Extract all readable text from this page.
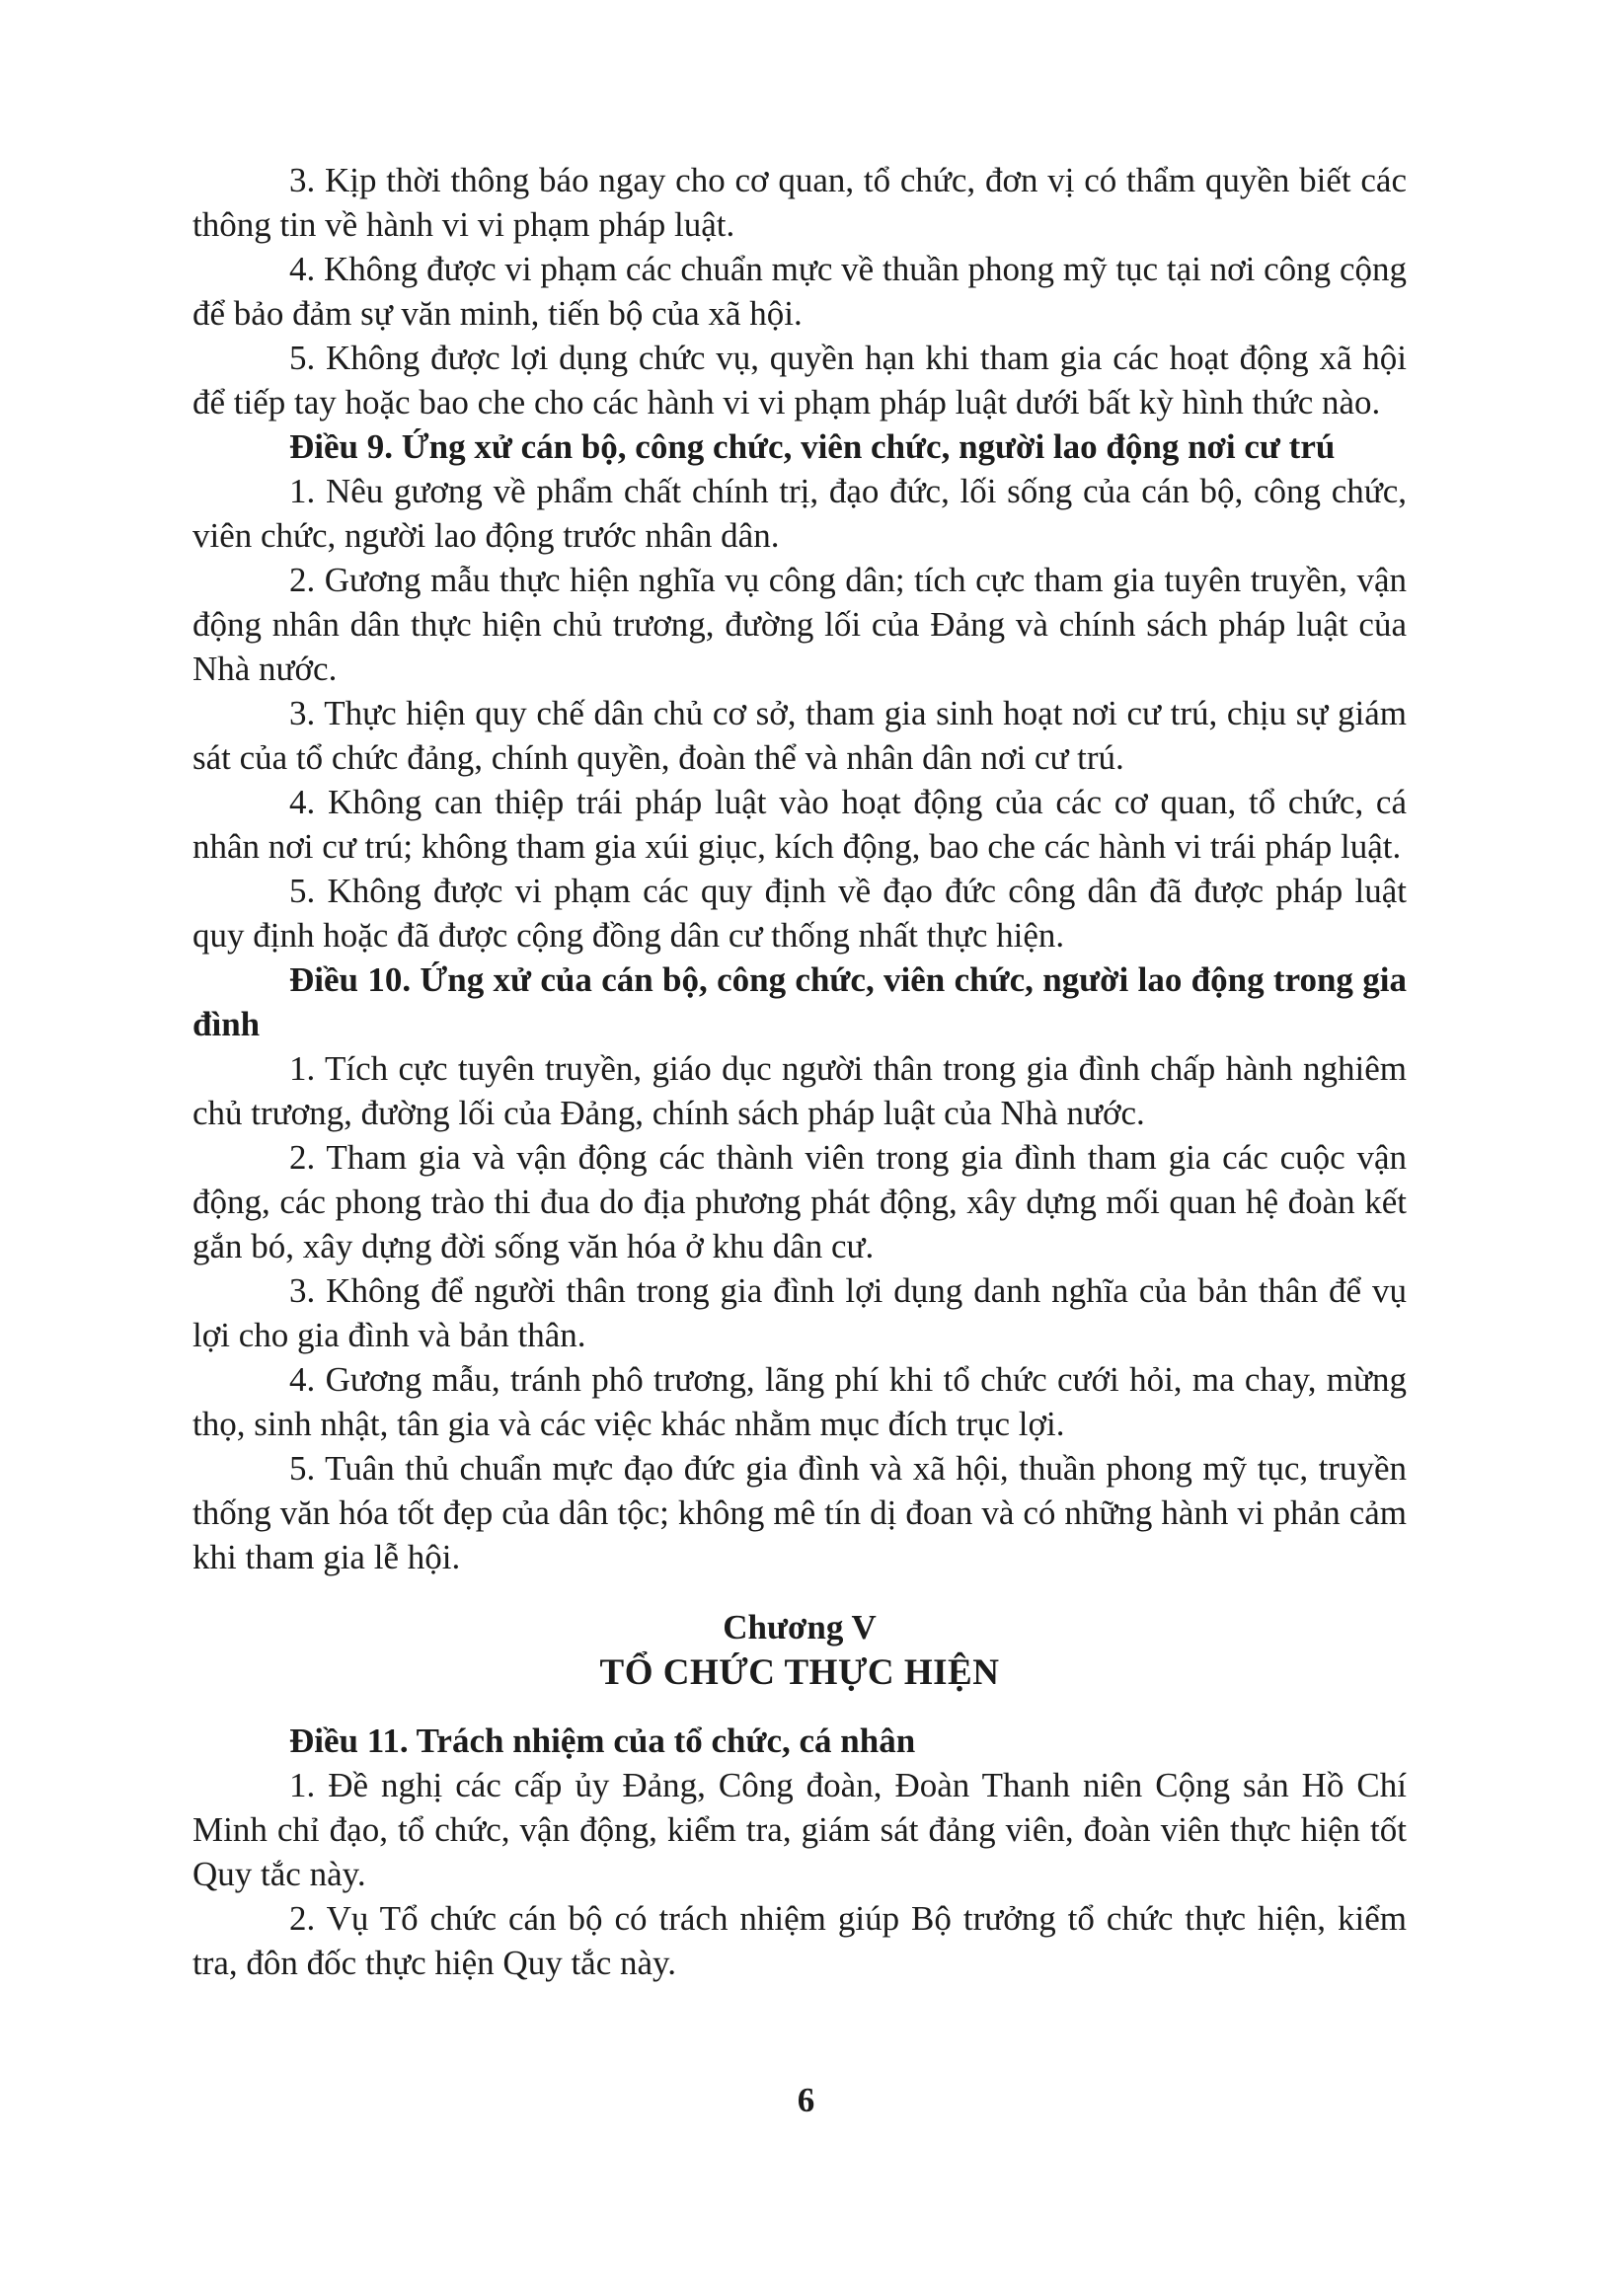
3. Kịp thời thông báo ngay cho cơ quan, tổ chức, đơn vị có thẩm quyền biết các thông tin về hành vi vi phạm pháp luật.

4. Không được vi phạm các chuẩn mực về thuần phong mỹ tục tại nơi công cộng để bảo đảm sự văn minh, tiến bộ của xã hội.

5. Không được lợi dụng chức vụ, quyền hạn khi tham gia các hoạt động xã hội để tiếp tay hoặc bao che cho các hành vi vi phạm pháp luật dưới bất kỳ hình thức nào.

Điều 9. Ứng xử cán bộ, công chức, viên chức, người lao động nơi cư trú

1. Nêu gương về phẩm chất chính trị, đạo đức, lối sống của cán bộ, công chức, viên chức, người lao động trước nhân dân.

2. Gương mẫu thực hiện nghĩa vụ công dân; tích cực tham gia tuyên truyền, vận động nhân dân thực hiện chủ trương, đường lối của Đảng và chính sách pháp luật của Nhà nước.

3. Thực hiện quy chế dân chủ cơ sở, tham gia sinh hoạt nơi cư trú, chịu sự giám sát của tổ chức đảng, chính quyền, đoàn thể và nhân dân nơi cư trú.

4. Không can thiệp trái pháp luật vào hoạt động của các cơ quan, tổ chức, cá nhân nơi cư trú; không tham gia xúi giục, kích động, bao che các hành vi trái pháp luật.

5. Không được vi phạm các quy định về đạo đức công dân đã được pháp luật quy định hoặc đã được cộng đồng dân cư thống nhất thực hiện.

Điều 10. Ứng xử của cán bộ, công chức, viên chức, người lao động trong gia đình

1. Tích cực tuyên truyền, giáo dục người thân trong gia đình chấp hành nghiêm chủ trương, đường lối của Đảng, chính sách pháp luật của Nhà nước.

2. Tham gia và vận động các thành viên trong gia đình tham gia các cuộc vận động, các phong trào thi đua do địa phương phát động, xây dựng mối quan hệ đoàn kết gắn bó, xây dựng đời sống văn hóa ở khu dân cư.

3. Không để người thân trong gia đình lợi dụng danh nghĩa của bản thân để vụ lợi cho gia đình và bản thân.

4. Gương mẫu, tránh phô trương, lãng phí khi tổ chức cưới hỏi, ma chay, mừng thọ, sinh nhật, tân gia và các việc khác nhằm mục đích trục lợi.

5. Tuân thủ chuẩn mực đạo đức gia đình và xã hội, thuần phong mỹ tục, truyền thống văn hóa tốt đẹp của dân tộc; không mê tín dị đoan và có những hành vi phản cảm khi tham gia lễ hội.

Chương V

TỔ CHỨC THỰC HIỆN

Điều 11. Trách nhiệm của tổ chức, cá nhân

1. Đề nghị các cấp ủy Đảng, Công đoàn, Đoàn Thanh niên Cộng sản Hồ Chí Minh chỉ đạo, tổ chức, vận động, kiểm tra, giám sát đảng viên, đoàn viên thực hiện tốt Quy tắc này.

2. Vụ Tổ chức cán bộ có trách nhiệm giúp Bộ trưởng tổ chức thực hiện, kiểm tra, đôn đốc thực hiện Quy tắc này.

6
